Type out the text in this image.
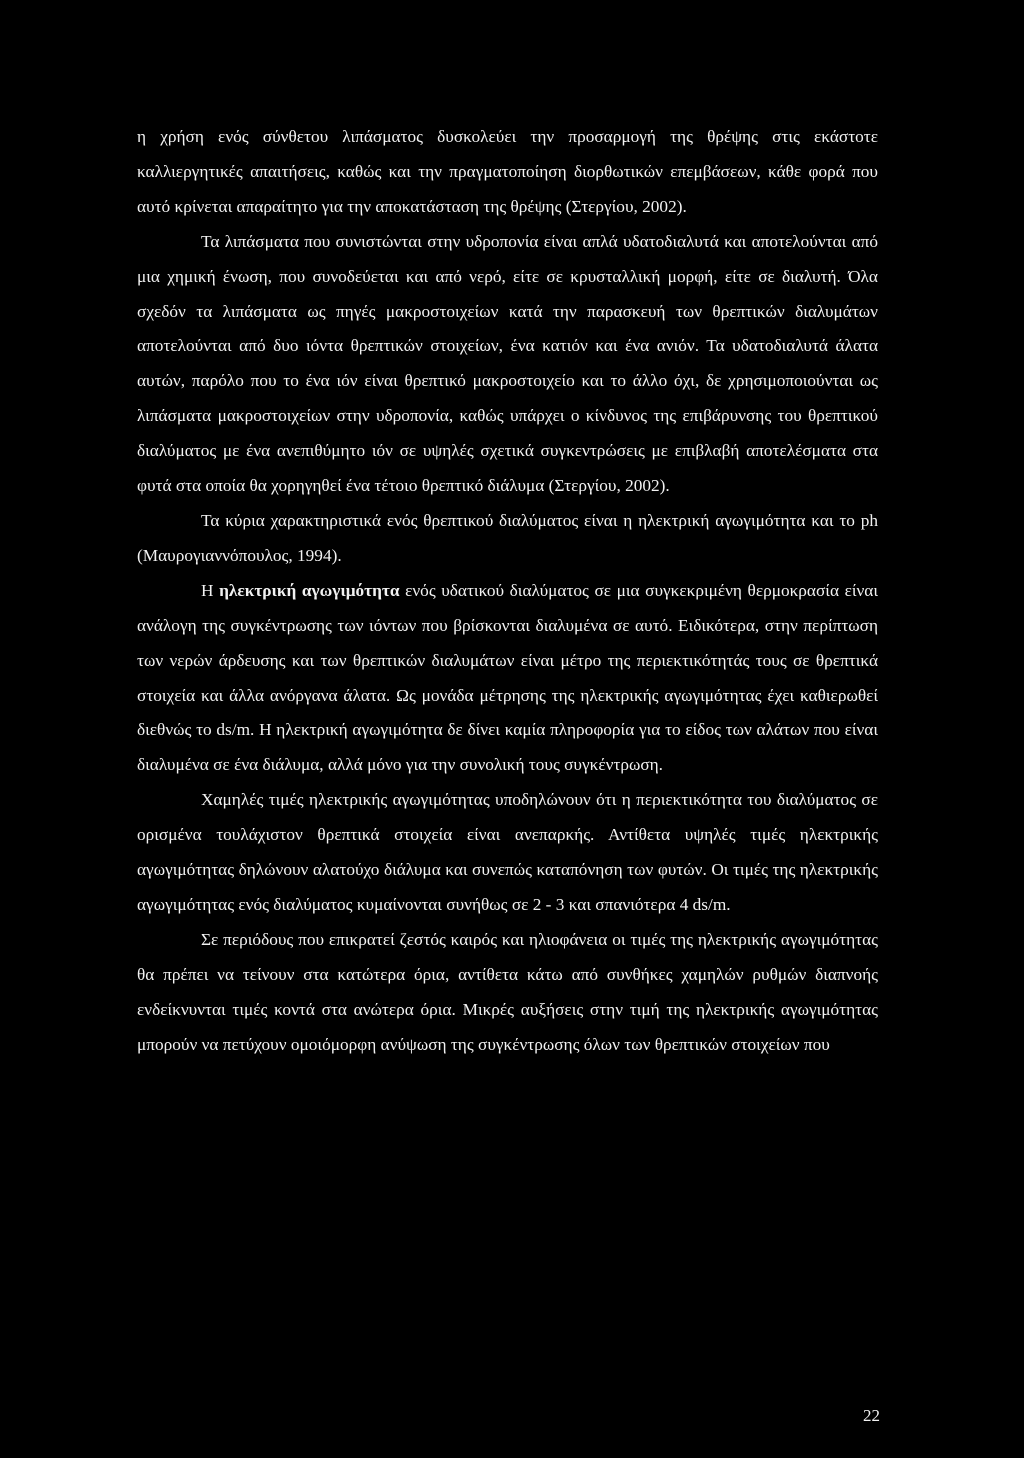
η χρήση ενός σύνθετου λιπάσματος δυσκολεύει την προσαρμογή της θρέψης στις εκάστοτε καλλιεργητικές απαιτήσεις, καθώς και την πραγματοποίηση διορθωτικών επεμβάσεων, κάθε φορά που αυτό κρίνεται απαραίτητο για την αποκατάσταση της θρέψης (Στεργίου, 2002).

Τα λιπάσματα που συνιστώνται στην υδροπονία είναι απλά υδατοδιαλυτά και αποτελούνται από μια χημική ένωση, που συνοδεύεται και από νερό, είτε σε κρυσταλλική μορφή, είτε σε διαλυτή. Όλα σχεδόν τα λιπάσματα ως πηγές μακροστοιχείων κατά την παρασκευή των θρεπτικών διαλυμάτων αποτελούνται από δυο ιόντα θρεπτικών στοιχείων, ένα κατιόν και ένα ανιόν. Τα υδατοδιαλυτά άλατα αυτών, παρόλο που το ένα ιόν είναι θρεπτικό μακροστοιχείο και το άλλο όχι, δε χρησιμοποιούνται ως λιπάσματα μακροστοιχείων στην υδροπονία, καθώς υπάρχει ο κίνδυνος της επιβάρυνσης του θρεπτικού διαλύματος με ένα ανεπιθύμητο ιόν σε υψηλές σχετικά συγκεντρώσεις με επιβλαβή αποτελέσματα στα φυτά στα οποία θα χορηγηθεί ένα τέτοιο θρεπτικό διάλυμα (Στεργίου, 2002).

Τα κύρια χαρακτηριστικά ενός θρεπτικού διαλύματος είναι η ηλεκτρική αγωγιμότητα και το ph (Μαυρογιαννόπουλος, 1994).

Η ηλεκτρική αγωγιμότητα ενός υδατικού διαλύματος σε μια συγκεκριμένη θερμοκρασία είναι ανάλογη της συγκέντρωσης των ιόντων που βρίσκονται διαλυμένα σε αυτό. Ειδικότερα, στην περίπτωση των νερών άρδευσης και των θρεπτικών διαλυμάτων είναι μέτρο της περιεκτικότητάς τους σε θρεπτικά στοιχεία και άλλα ανόργανα άλατα. Ως μονάδα μέτρησης της ηλεκτρικής αγωγιμότητας έχει καθιερωθεί διεθνώς το ds/m. Η ηλεκτρική αγωγιμότητα δε δίνει καμία πληροφορία για το είδος των αλάτων που είναι διαλυμένα σε ένα διάλυμα, αλλά μόνο για την συνολική τους συγκέντρωση.

Χαμηλές τιμές ηλεκτρικής αγωγιμότητας υποδηλώνουν ότι η περιεκτικότητα του διαλύματος σε ορισμένα τουλάχιστον θρεπτικά στοιχεία είναι ανεπαρκής. Αντίθετα υψηλές τιμές ηλεκτρικής αγωγιμότητας δηλώνουν αλατούχο διάλυμα και συνεπώς καταπόνηση των φυτών. Οι τιμές της ηλεκτρικής αγωγιμότητας ενός διαλύματος κυμαίνονται συνήθως σε 2 - 3 και σπανιότερα 4 ds/m.

Σε περιόδους που επικρατεί ζεστός καιρός και ηλιοφάνεια οι τιμές της ηλεκτρικής αγωγιμότητας θα πρέπει να τείνουν στα κατώτερα όρια, αντίθετα κάτω από συνθήκες χαμηλών ρυθμών διαπνοής ενδείκνυνται τιμές κοντά στα ανώτερα όρια. Μικρές αυξήσεις στην τιμή της ηλεκτρικής αγωγιμότητας μπορούν να πετύχουν ομοιόμορφη ανύψωση της συγκέντρωσης όλων των θρεπτικών στοιχείων που

22
